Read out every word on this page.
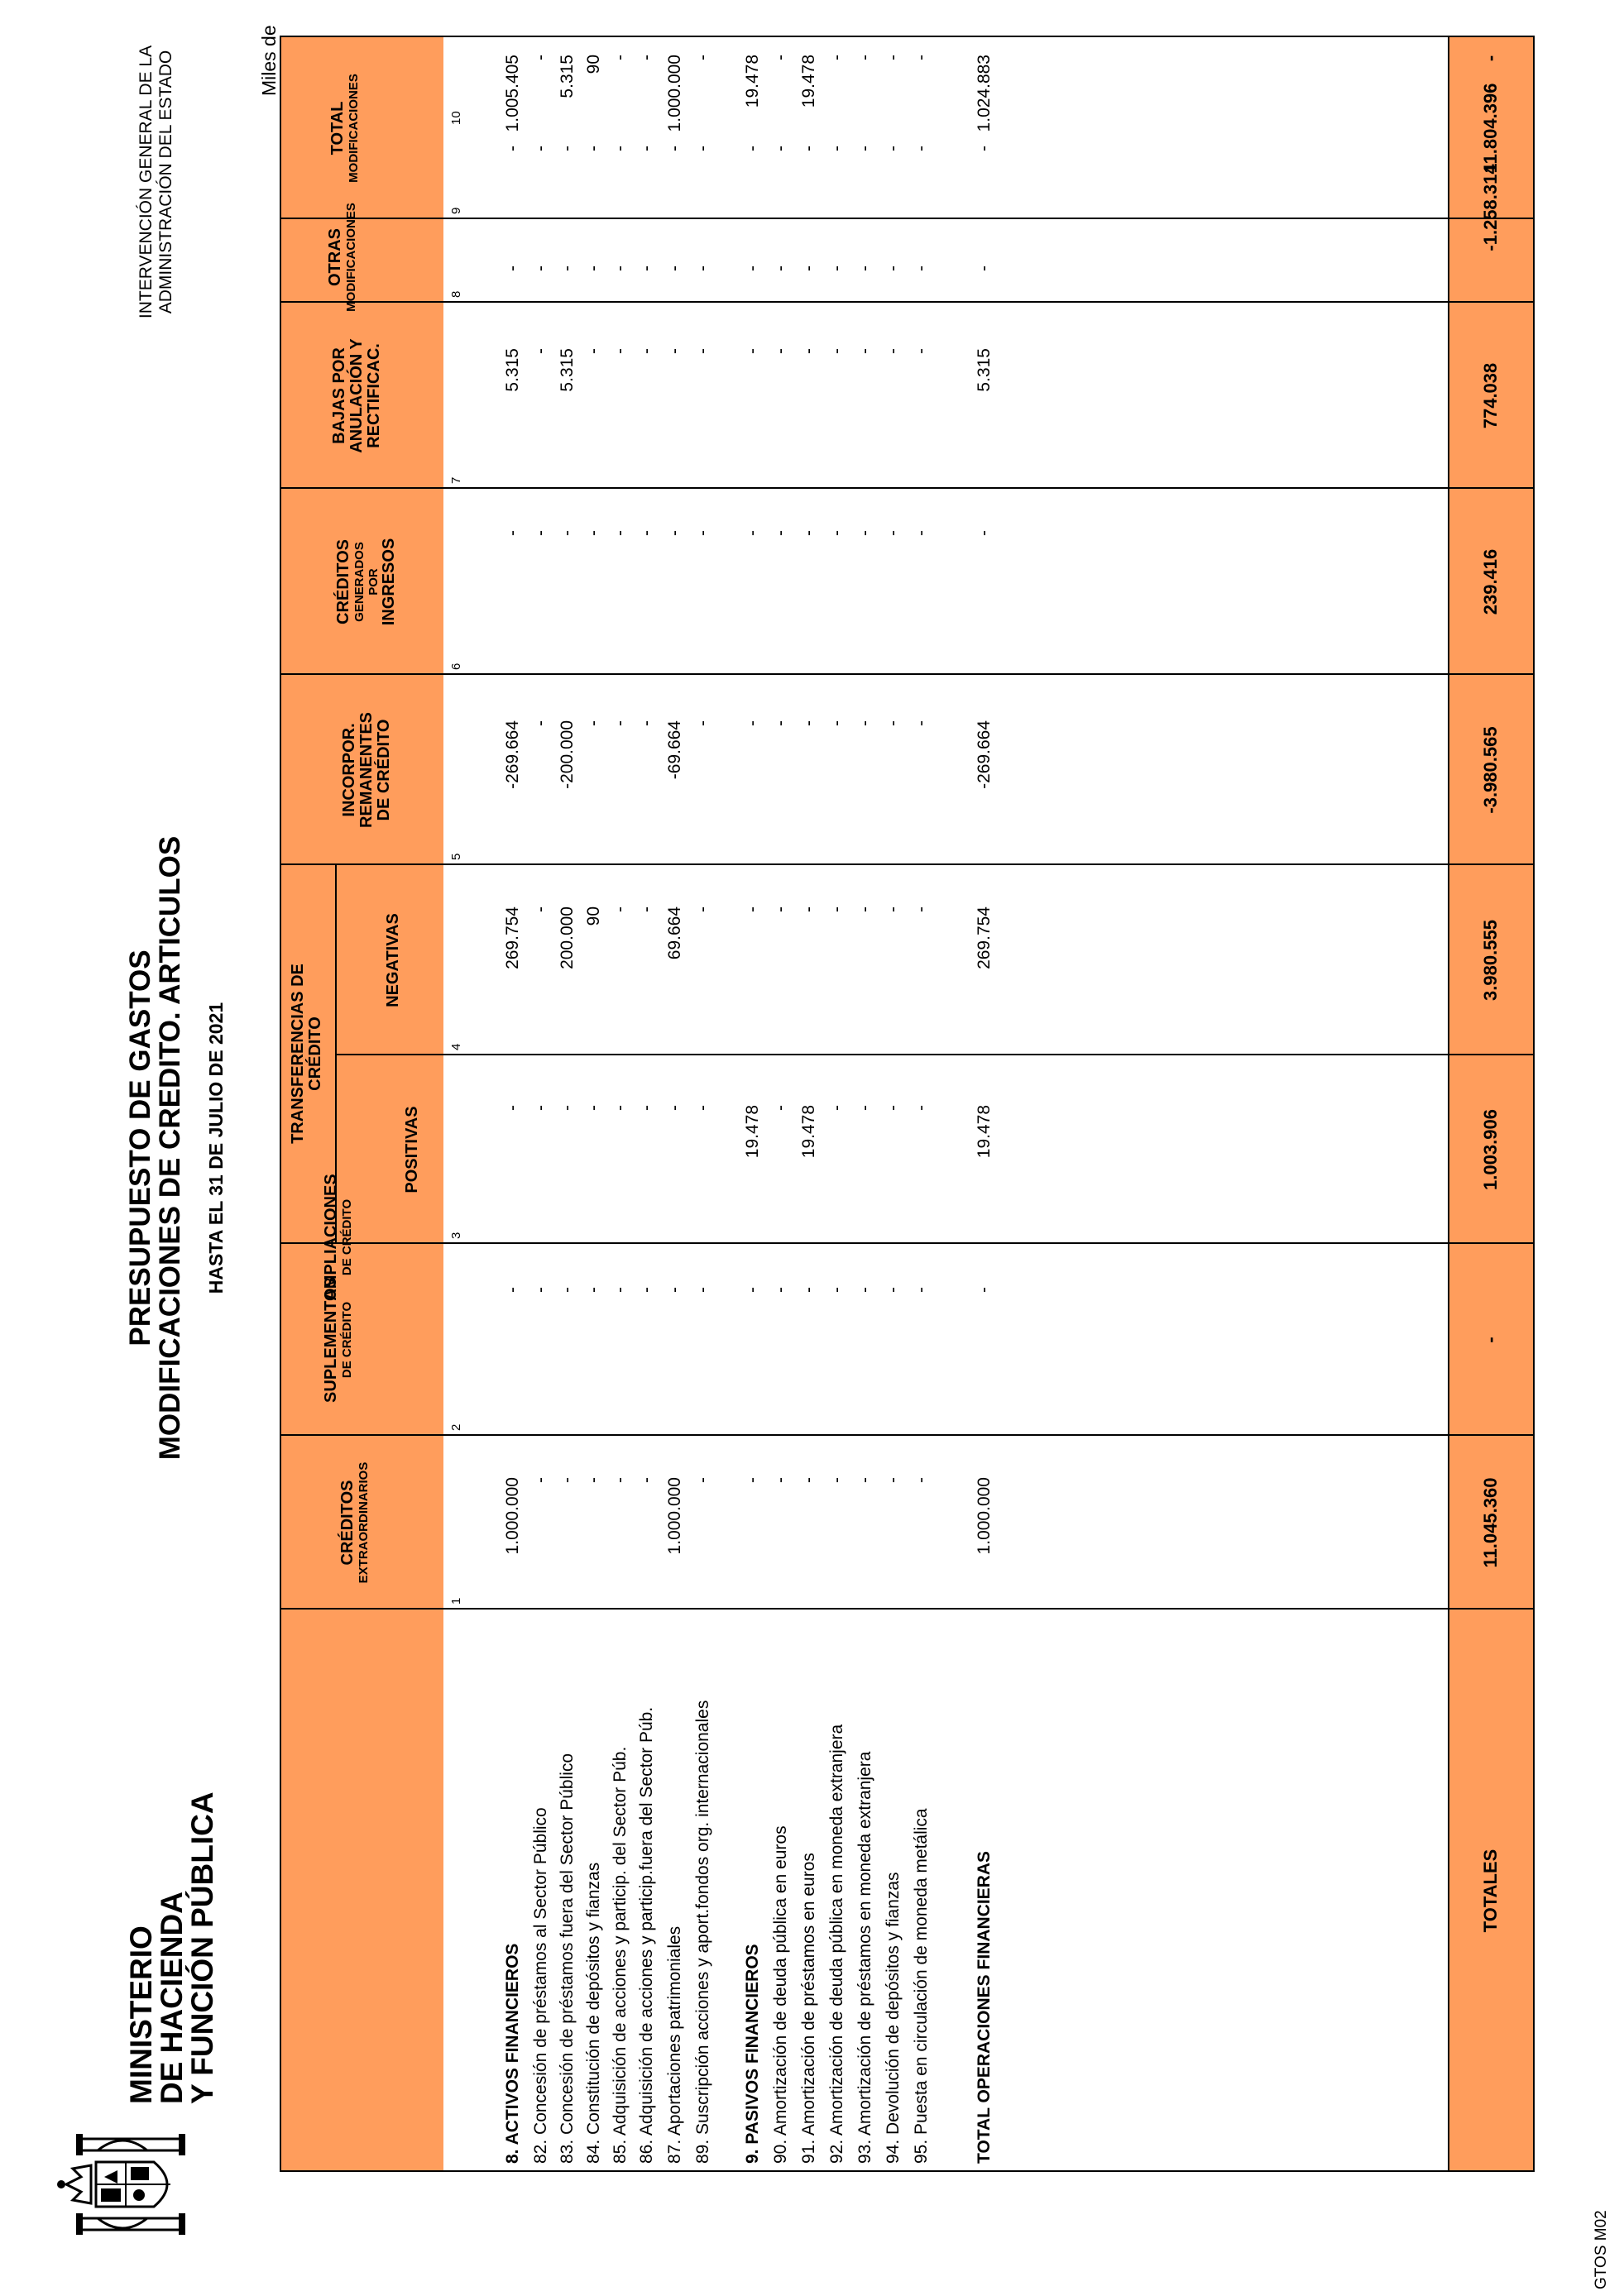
MINISTERIO
DE HACIENDA
Y FUNCIÓN PÚBLICA
PRESUPUESTO DE GASTOS
MODIFICACIONES DE CREDITO. ARTICULOS HASTA EL 31 DE JULIO DE 2021
INTERVENCIÓN GENERAL DE LA ADMINISTRACIÓN DEL ESTADO	Miles de
CRÉDITOS EXTRAORDINARIOS
SUPLEMENTOS DE CRÉDITO
AMPLIACIONES DE CRÉDITO
TRANSFERENCIAS DE CRÉDITO
POSITIVAS
NEGATIVAS
INCORPOR. REMANENTES DE CRÉDITO
CRÉDITOS GENERADOS POR INGRESOS
BAJAS POR ANULACIÓN Y RECTIFICAC.
OTRAS MODIFICACIONES
TOTAL MODIFICACIONES
1
2
3
4
5
6
7
8
9
10
8. ACTIVOS FINANCIEROS
1.000.000
-
-
269.754
-269.664
-
5.315
-
-
1.005.405
82. Concesión de préstamos al Sector Público
-
-
-
-
-
-
-
-
-
-
83. Concesión de préstamos fuera del Sector Público
-
-
-
200.000
-200.000
-
5.315
-
-
5.315
84. Constitución de depósitos y fianzas
-
-
-
90
-
-
-
-
-
90
85. Adquisición de acciones y particip. del Sector Púb.
-
-
-
-
-
-
-
-
-
-
86. Adquisición de acciones y particip.fuera del Sector Púb.
-
-
-
-
-
-
-
-
-
-
87. Aportaciones patrimoniales
1.000.000
-
-
69.664
-69.664
-
-
-
-
1.000.000
89. Suscripción acciones y aport.fondos org. internacionales
-
-
-
-
-
-
-
-
-
-
9. PASIVOS FINANCIEROS
-
-
19.478
-
-
-
-
-
-
19.478
90. Amortización de deuda pública en euros
-
-
-
-
-
-
-
-
-
-
91. Amortización de préstamos en euros
-
-
19.478
-
-
-
-
-
-
19.478
92. Amortización de deuda pública en moneda extranjera
-
-
-
-
-
-
-
-
-
-
93. Amortización de préstamos en moneda extranjera
-
-
-
-
-
-
-
-
-
-
94. Devolución de depósitos y fianzas
-
-
-
-
-
-
-
-
-
-
95. Puesta en circulación de moneda metálica
-
-
-
-
-
-
-
-
-
-
TOTAL OPERACIONES FINANCIERAS
1.000.000
-
19.478
269.754
-269.664
-
5.315
-
-
1.024.883
TOTALES
11.045.360
-
1.003.906
3.980.555
-3.980.565
239.416
774.038
-1.258.314
-
11.804.396
GTOS M02
